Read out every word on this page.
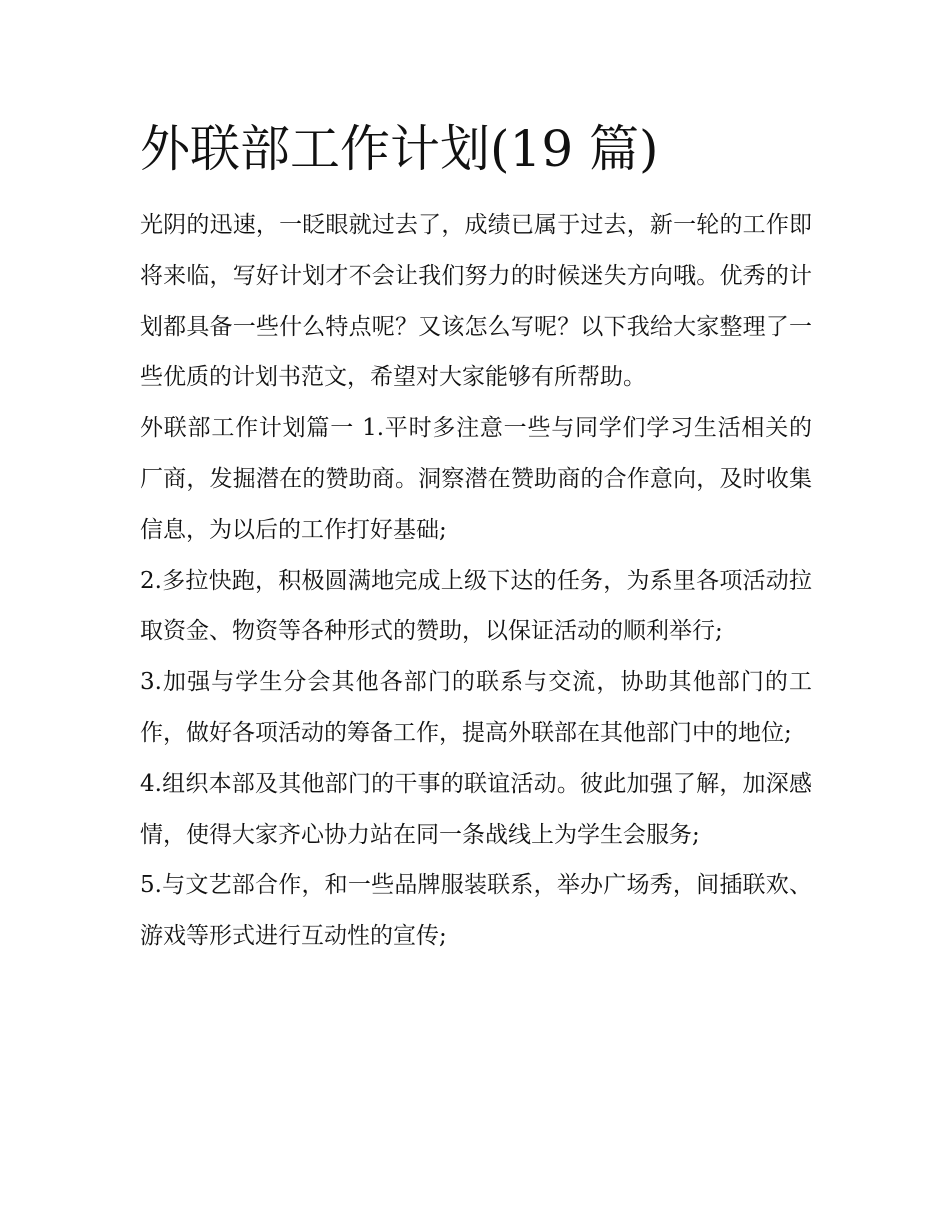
外联部工作计划(19 篇)

光阴的迅速，一眨眼就过去了，成绩已属于过去，新一轮的工作即将来临，写好计划才不会让我们努力的时候迷失方向哦。优秀的计划都具备一些什么特点呢？又该怎么写呢？以下我给大家整理了一些优质的计划书范文，希望对大家能够有所帮助。

外联部工作计划篇一 1.平时多注意一些与同学们学习生活相关的厂商，发掘潜在的赞助商。洞察潜在赞助商的合作意向，及时收集信息，为以后的工作打好基础;

2.多拉快跑，积极圆满地完成上级下达的任务，为系里各项活动拉取资金、物资等各种形式的赞助，以保证活动的顺利举行;

3.加强与学生分会其他各部门的联系与交流，协助其他部门的工作，做好各项活动的筹备工作，提高外联部在其他部门中的地位;

4.组织本部及其他部门的干事的联谊活动。彼此加强了解，加深感情，使得大家齐心协力站在同一条战线上为学生会服务;

5.与文艺部合作，和一些品牌服装联系，举办广场秀，间插联欢、游戏等形式进行互动性的宣传;
